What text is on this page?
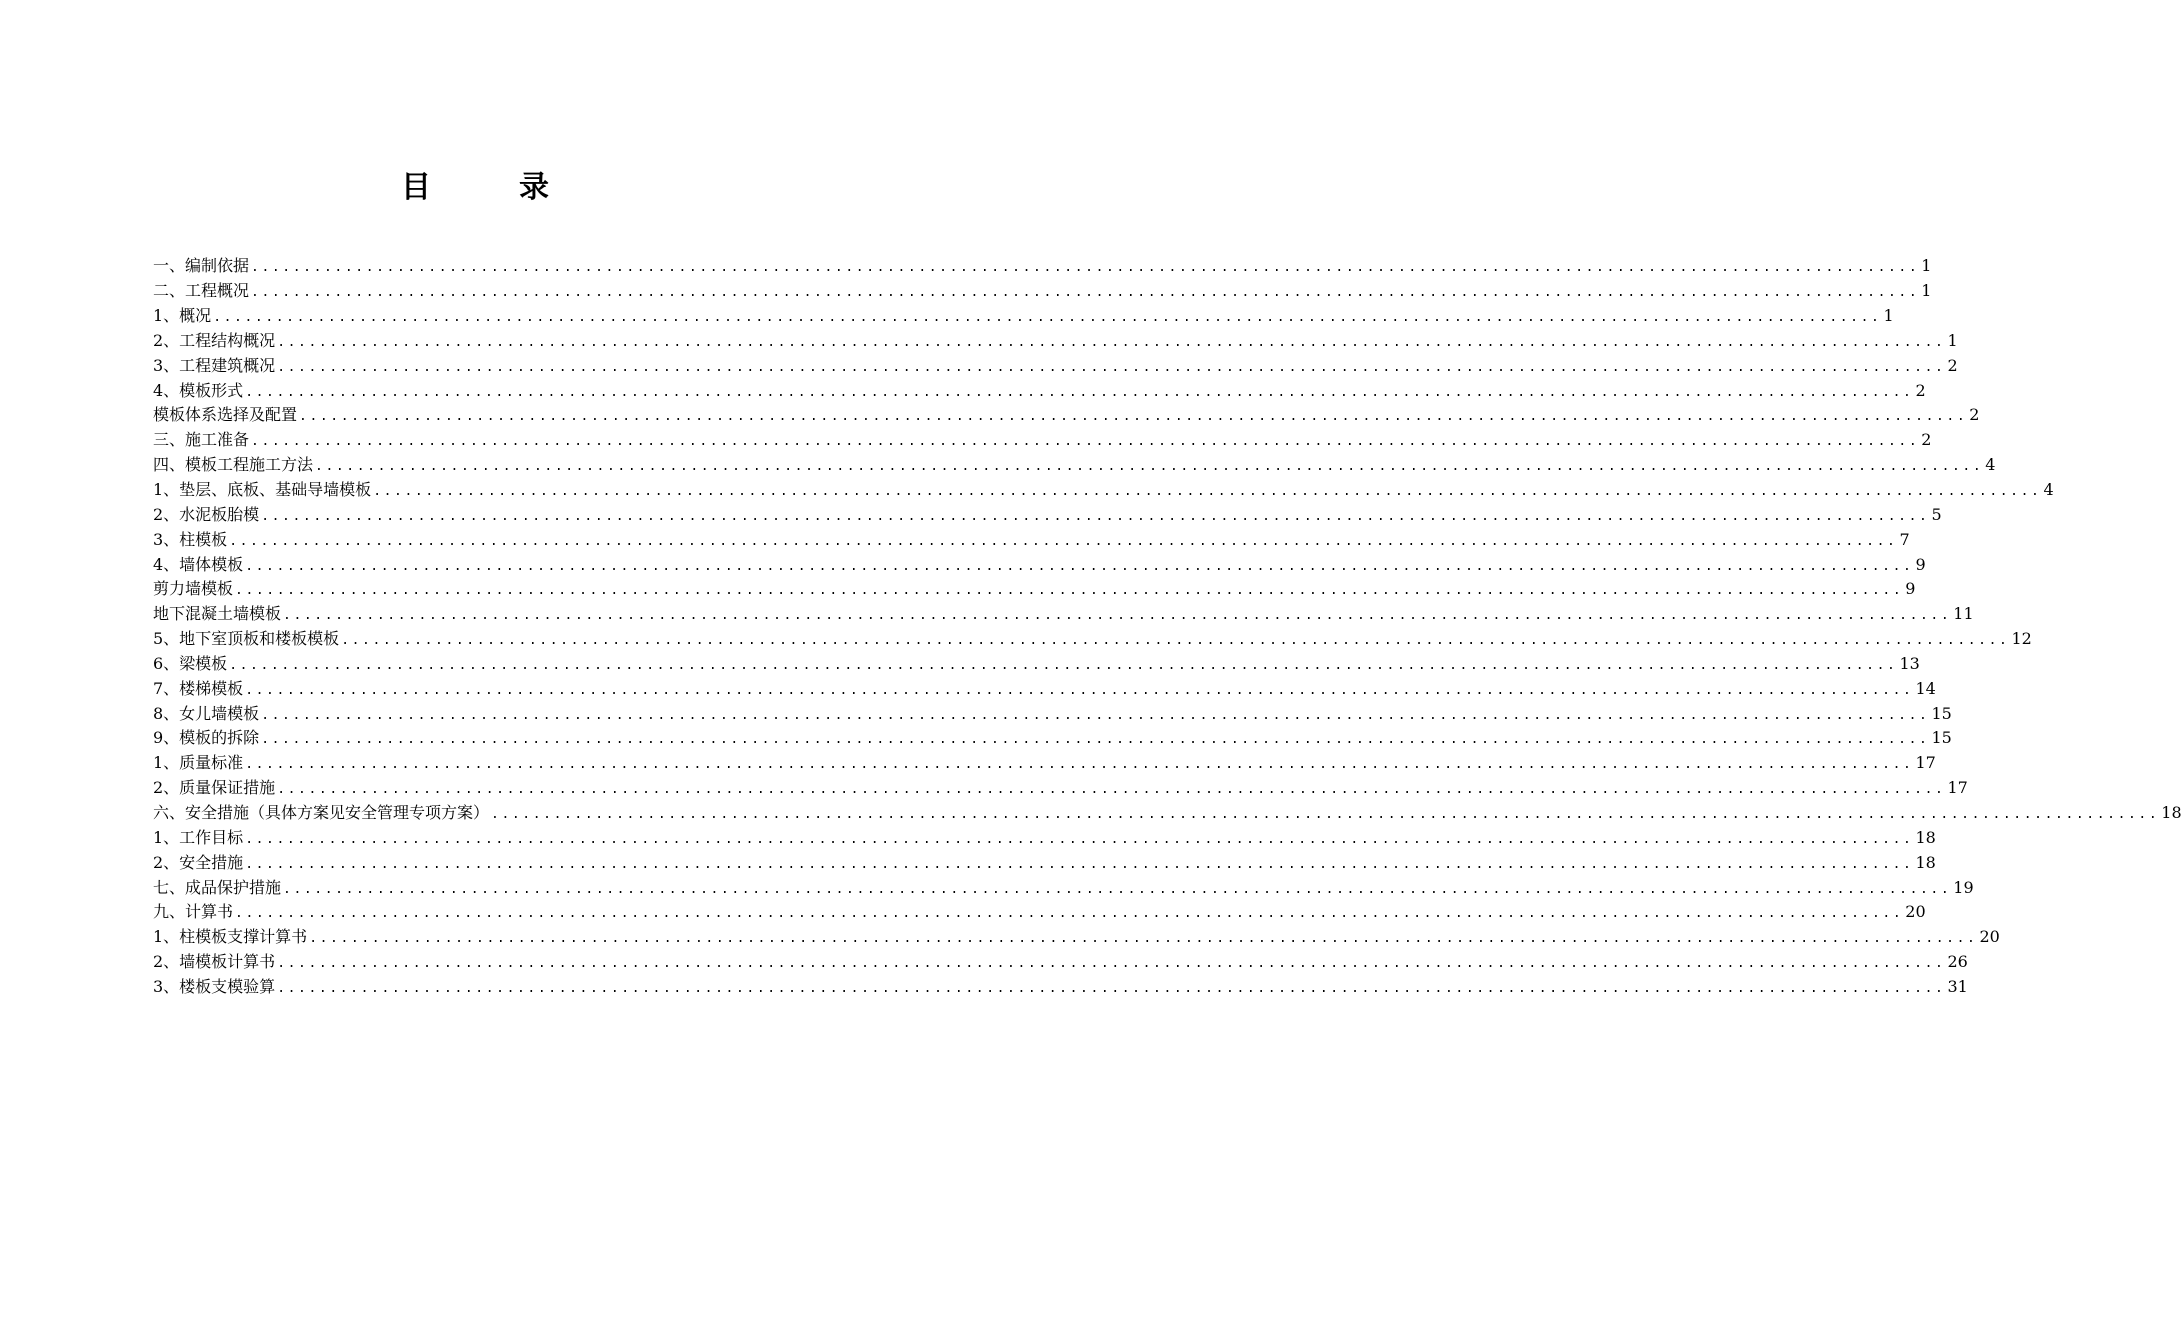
目	录
一、编制依据 ................................................................................................................................................................ 1
二、工程概况 ................................................................................................................................................................ 1
1、概况 ................................................................................................................................................................ 1
2、工程结构概况 ................................................................................................................................................................ 1
3、工程建筑概况 ................................................................................................................................................................ 2
4、模板形式 ................................................................................................................................................................ 2
模板体系选择及配置 ................................................................................................................................................................ 2
三、施工准备 ................................................................................................................................................................ 2
四、模板工程施工方法 ................................................................................................................................................................ 4
1、垫层、底板、基础导墙模板 ................................................................................................................................................................ 4
2、水泥板胎模 ................................................................................................................................................................ 5
3、柱模板 ................................................................................................................................................................ 7
4、墙体模板 ................................................................................................................................................................ 9
剪力墙模板 ................................................................................................................................................................ 9
地下混凝土墙模板 ................................................................................................................................................................ 11
5、地下室顶板和楼板模板 ................................................................................................................................................................ 12
6、梁模板 ................................................................................................................................................................ 13
7、楼梯模板 ................................................................................................................................................................ 14
8、女儿墙模板 ................................................................................................................................................................ 15
9、模板的拆除 ................................................................................................................................................................ 15
1、质量标准 ................................................................................................................................................................ 17
2、质量保证措施 ................................................................................................................................................................ 17
六、安全措施（具体方案见安全管理专项方案） ................................................................................................................................................................ 18
1、工作目标 ................................................................................................................................................................ 18
2、安全措施 ................................................................................................................................................................ 18
七、成品保护措施 ................................................................................................................................................................ 19
九、计算书 ................................................................................................................................................................ 20
1、柱模板支撑计算书 ................................................................................................................................................................ 20
2、墙模板计算书 ................................................................................................................................................................ 26
3、楼板支模验算 ................................................................................................................................................................ 31
